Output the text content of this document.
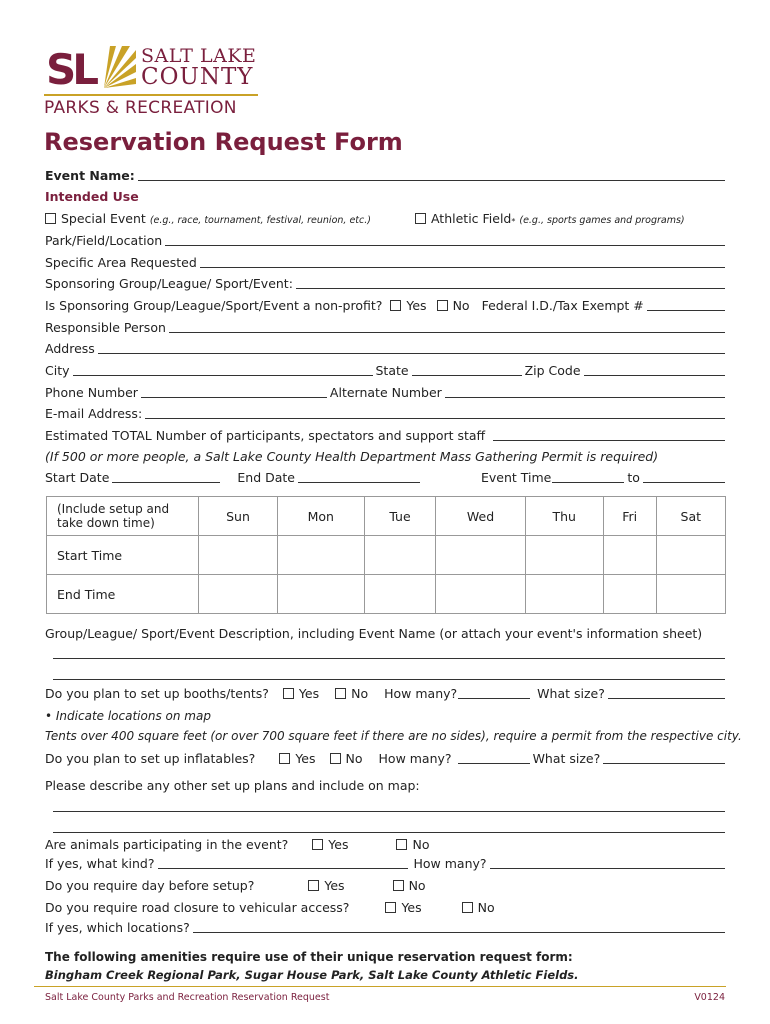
SL SALT LAKE
COUNTY
PARKS & RECREATION
Reservation Request Form
Event Name:
Intended Use
Special Event (e.g., race, tournament, festival, reunion, etc.)	Athletic Field$_*$ (e.g., sports games and programs)
Park/Field/Location
Specific Area Requested
Sponsoring Group/League/ Sport/Event:
Is Sponsoring Group/League/Sport/Event a non-profit? Yes No Federal I.D./Tax Exempt #
Responsible Person
Address
City	State	Zip Code
Phone Number	Alternate Number
E-mail Address:
Estimated TOTAL Number of participants, spectators and support staff
(If 500 or more people, a Salt Lake County Health Department Mass Gathering Permit is required)
Start Date	End Date	Event Time	to
(Include setup and take down time)	Sun	Mon	Tue	Wed	Thu	Fri	Sat
Start Time							
End Time							
Group/League/ Sport/Event Description, including Event Name (or attach your event's information sheet)
Do you plan to set up booths/tents? Yes	No How many?	What size?
• Indicate locations on map
Tents over 400 square feet (or over 700 square feet if there are no sides), require a permit from the respective city.
Do you plan to set up inflatables?	Yes No How many?	What size?
Please describe any other set up plans and include on map:
Are animals participating in the event?	Yes	No
If yes, what kind?	How many?
Do you require day before setup?	Yes	No
Do you require road closure to vehicular access?	Yes	No
If yes, which locations?
The following amenities require use of their unique reservation request form:
Bingham Creek Regional Park, Sugar House Park, Salt Lake County Athletic Fields.
Salt Lake County Parks and Recreation Reservation Request	V0124
